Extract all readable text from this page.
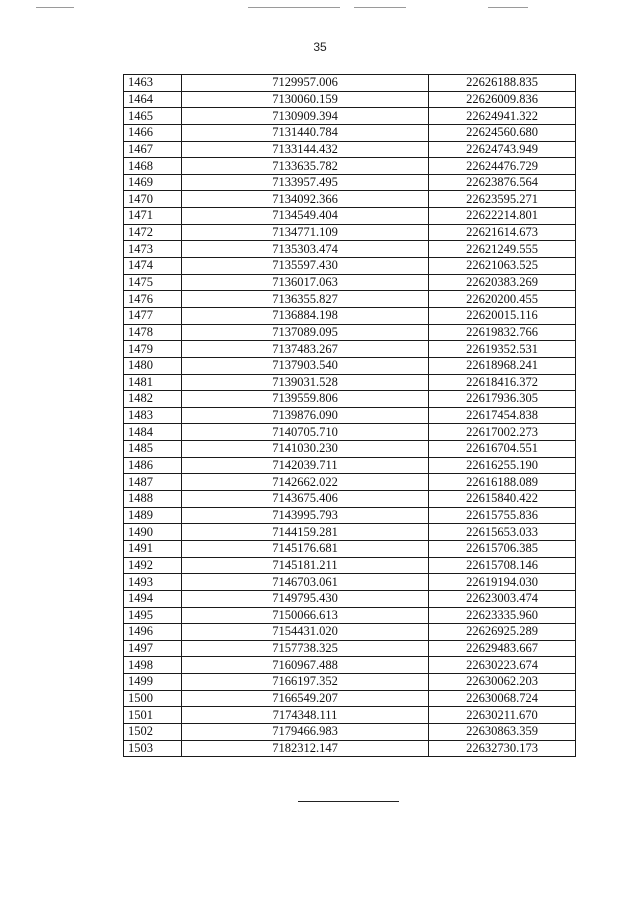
35
1463	7129957.006	22626188.835
1464	7130060.159	22626009.836
1465	7130909.394	22624941.322
1466	7131440.784	22624560.680
1467	7133144.432	22624743.949
1468	7133635.782	22624476.729
1469	7133957.495	22623876.564
1470	7134092.366	22623595.271
1471	7134549.404	22622214.801
1472	7134771.109	22621614.673
1473	7135303.474	22621249.555
1474	7135597.430	22621063.525
1475	7136017.063	22620383.269
1476	7136355.827	22620200.455
1477	7136884.198	22620015.116
1478	7137089.095	22619832.766
1479	7137483.267	22619352.531
1480	7137903.540	22618968.241
1481	7139031.528	22618416.372
1482	7139559.806	22617936.305
1483	7139876.090	22617454.838
1484	7140705.710	22617002.273
1485	7141030.230	22616704.551
1486	7142039.711	22616255.190
1487	7142662.022	22616188.089
1488	7143675.406	22615840.422
1489	7143995.793	22615755.836
1490	7144159.281	22615653.033
1491	7145176.681	22615706.385
1492	7145181.211	22615708.146
1493	7146703.061	22619194.030
1494	7149795.430	22623003.474
1495	7150066.613	22623335.960
1496	7154431.020	22626925.289
1497	7157738.325	22629483.667
1498	7160967.488	22630223.674
1499	7166197.352	22630062.203
1500	7166549.207	22630068.724
1501	7174348.111	22630211.670
1502	7179466.983	22630863.359
1503	7182312.147	22632730.173
